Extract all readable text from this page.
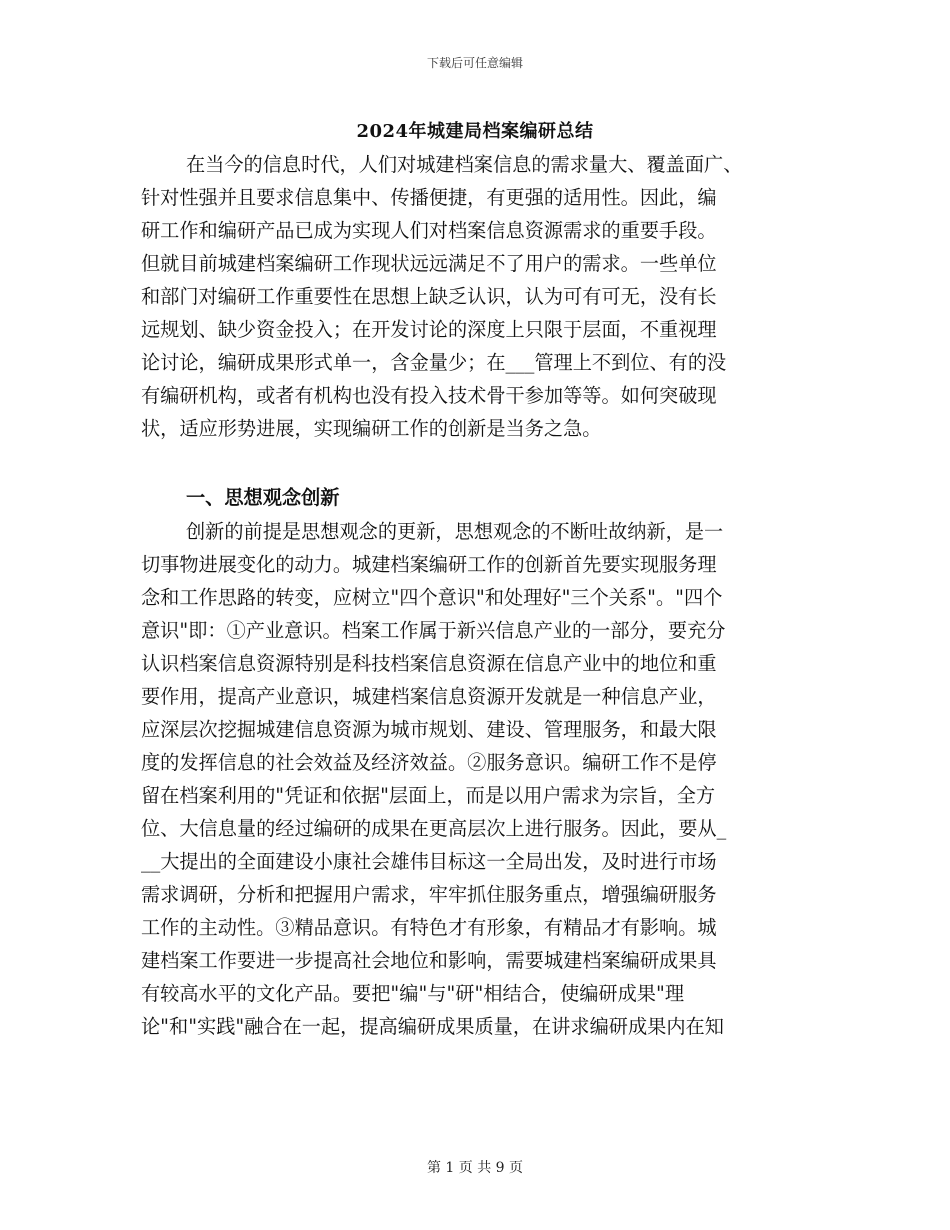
下载后可任意编辑
2024年城建局档案编研总结
在当今的信息时代，人们对城建档案信息的需求量大、覆盖面广、
针对性强并且要求信息集中、传播便捷，有更强的适用性。因此，编
研工作和编研产品已成为实现人们对档案信息资源需求的重要手段。
但就目前城建档案编研工作现状远远满足不了用户的需求。一些单位
和部门对编研工作重要性在思想上缺乏认识，认为可有可无，没有长
远规划、缺少资金投入；在开发讨论的深度上只限于层面，不重视理
论讨论，编研成果形式单一，含金量少；在___管理上不到位、有的没
有编研机构，或者有机构也没有投入技术骨干参加等等。如何突破现
状，适应形势进展，实现编研工作的创新是当务之急。
一、思想观念创新
创新的前提是思想观念的更新，思想观念的不断吐故纳新，是一
切事物进展变化的动力。城建档案编研工作的创新首先要实现服务理
念和工作思路的转变，应树立"四个意识"和处理好"三个关系"。"四个
意识"即：①产业意识。档案工作属于新兴信息产业的一部分，要充分
认识档案信息资源特别是科技档案信息资源在信息产业中的地位和重
要作用，提高产业意识，城建档案信息资源开发就是一种信息产业，
应深层次挖掘城建信息资源为城市规划、建设、管理服务，和最大限
度的发挥信息的社会效益及经济效益。②服务意识。编研工作不是停
留在档案利用的"凭证和依据"层面上，而是以用户需求为宗旨，全方
位、大信息量的经过编研的成果在更高层次上进行服务。因此，要从_
__大提出的全面建设小康社会雄伟目标这一全局出发，及时进行市场
需求调研，分析和把握用户需求，牢牢抓住服务重点，增强编研服务
工作的主动性。③精品意识。有特色才有形象，有精品才有影响。城
建档案工作要进一步提高社会地位和影响，需要城建档案编研成果具
有较高水平的文化产品。要把"编"与"研"相结合，使编研成果"理
论"和"实践"融合在一起，提高编研成果质量，在讲求编研成果内在知
第 1 页 共 9 页
